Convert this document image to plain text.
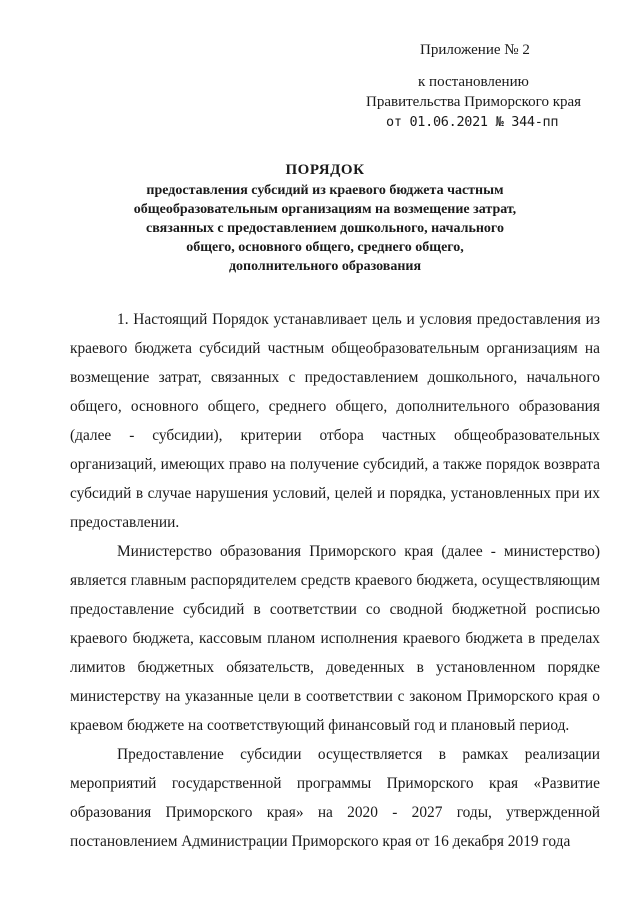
Приложение № 2
к постановлению
Правительства Приморского края
от 01.06.2021 № 344-пп
ПОРЯДОК
предоставления субсидий из краевого бюджета частным
общеобразовательным организациям на возмещение затрат,
связанных с предоставлением дошкольного, начального
общего, основного общего, среднего общего,
дополнительного образования

1. Настоящий Порядок устанавливает цель и условия предоставления из краевого бюджета субсидий частным общеобразовательным организациям на возмещение затрат, связанных с предоставлением дошкольного, начального общего, основного общего, среднего общего, дополнительного образования (далее - субсидии), критерии отбора частных общеобразовательных организаций, имеющих право на получение субсидий, а также порядок возврата субсидий в случае нарушения условий, целей и порядка, установленных при их предоставлении.

Министерство образования Приморского края (далее - министерство) является главным распорядителем средств краевого бюджета, осуществляющим предоставление субсидий в соответствии со сводной бюджетной росписью краевого бюджета, кассовым планом исполнения краевого бюджета в пределах лимитов бюджетных обязательств, доведенных в установленном порядке министерству на указанные цели в соответствии с законом Приморского края о краевом бюджете на соответствующий финансовый год и плановый период.

Предоставление субсидии осуществляется в рамках реализации мероприятий государственной программы Приморского края «Развитие образования Приморского края» на 2020 - 2027 годы, утвержденной постановлением Администрации Приморского края от 16 декабря 2019 года
